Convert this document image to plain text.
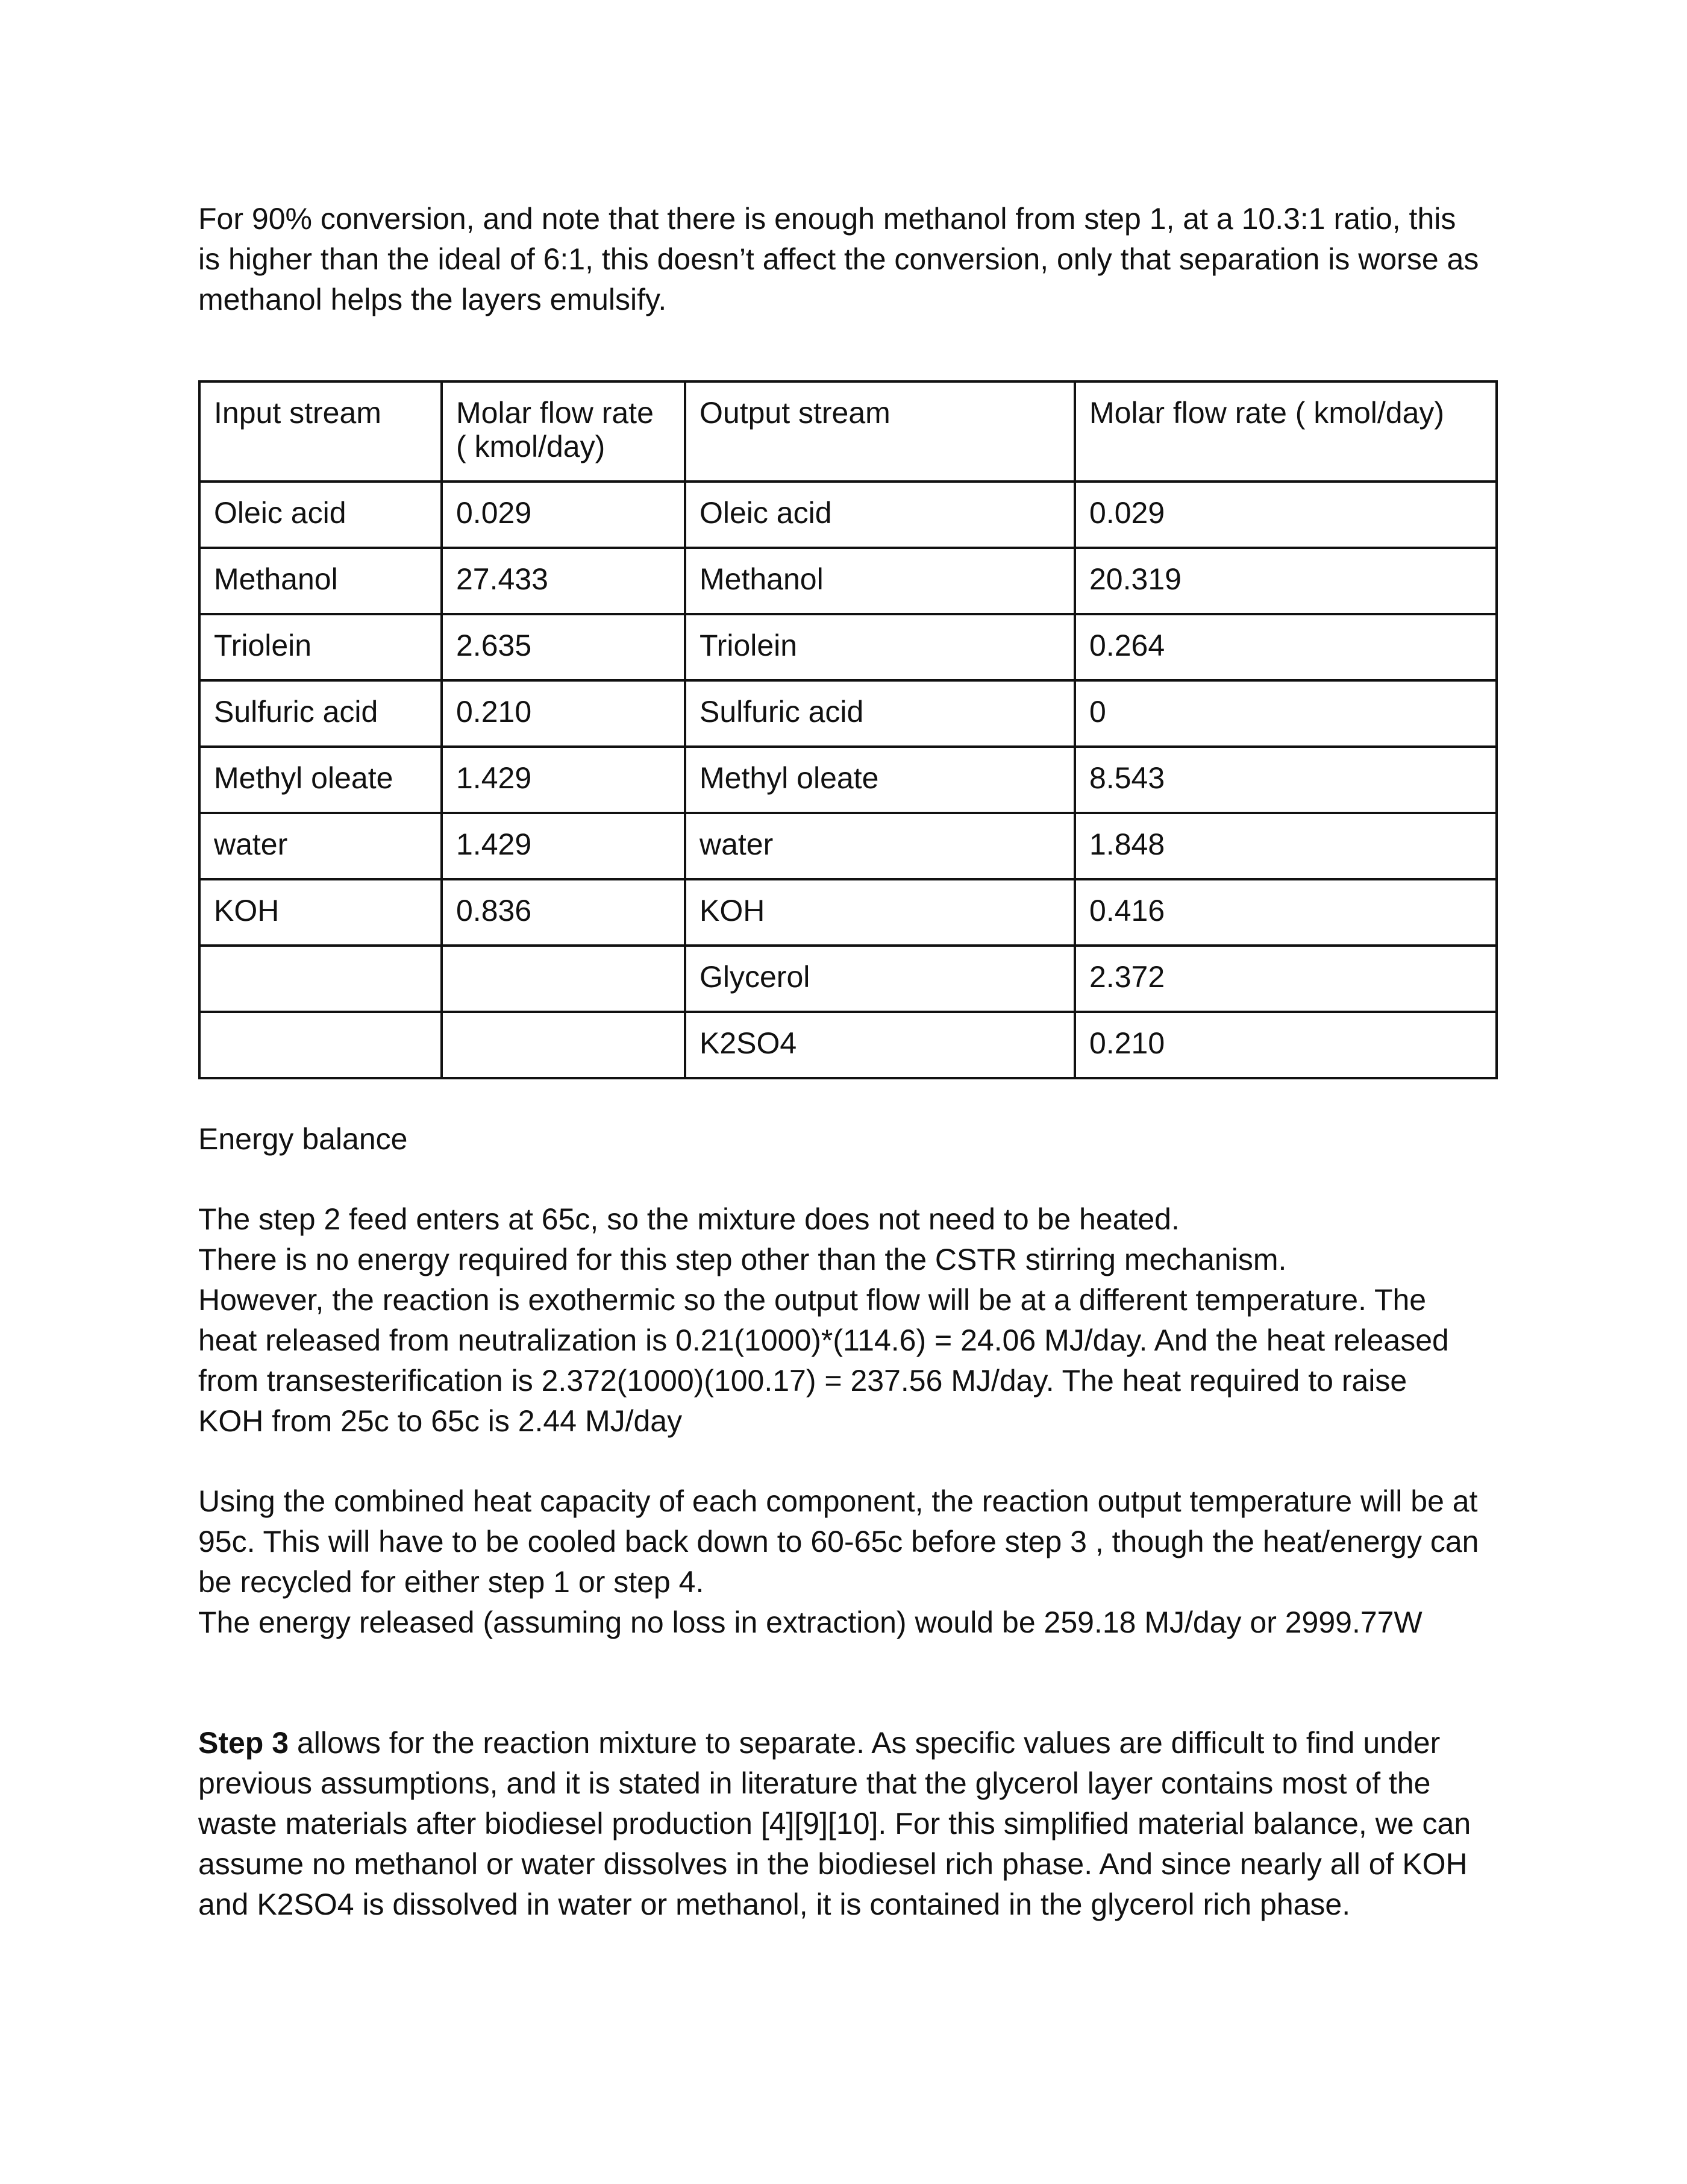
For 90% conversion, and note that there is enough methanol from step 1, at a 10.3:1 ratio, this
is higher than the ideal of 6:1, this doesn’t affect the conversion, only that separation is worse as
methanol helps the layers emulsify.

Input stream	Molar flow rate ( kmol/day)	Output stream	Molar flow rate ( kmol/day)
Oleic acid	0.029	Oleic acid	0.029
Methanol	27.433	Methanol	20.319
Triolein	2.635	Triolein	0.264
Sulfuric acid	0.210	Sulfuric acid	0
Methyl oleate	1.429	Methyl oleate	8.543
water	1.429	water	1.848
KOH	0.836	KOH	0.416
		Glycerol	2.372
		K2SO4	0.210

Energy balance

The step 2 feed enters at 65c, so the mixture does not need to be heated.
There is no energy required for this step other than the CSTR stirring mechanism.
However, the reaction is exothermic so the output flow will be at a different temperature. The
heat released from neutralization is 0.21(1000)*(114.6) = 24.06 MJ/day. And the heat released
from transesterification is 2.372(1000)(100.17) = 237.56 MJ/day. The heat required to raise
KOH from 25c to 65c is 2.44 MJ/day

Using the combined heat capacity of each component, the reaction output temperature will be at
95c. This will have to be cooled back down to 60-65c before step 3 , though the heat/energy can
be recycled for either step 1 or step 4.
The energy released (assuming no loss in extraction) would be 259.18 MJ/day or 2999.77W

Step 3 allows for the reaction mixture to separate. As specific values are difficult to find under
previous assumptions, and it is stated in literature that the glycerol layer contains most of the
waste materials after biodiesel production [4][9][10]. For this simplified material balance, we can
assume no methanol or water dissolves in the biodiesel rich phase. And since nearly all of KOH
and K2SO4 is dissolved in water or methanol, it is contained in the glycerol rich phase.
